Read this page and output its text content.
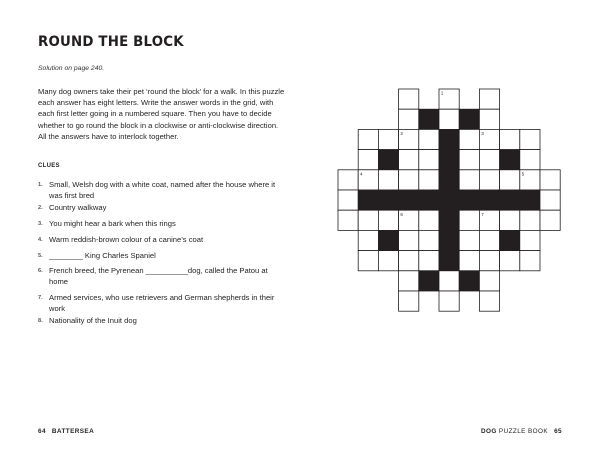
ROUND THE BLOCK
Solution on page 240.
Many dog owners take their pet ‘round the block’ for a walk. In this puzzle each answer has eight letters. Write the answer words in the grid, with each first letter going in a numbered square. Then you have to decide whether to go round the block in a clockwise or anti-clockwise direction. All the answers have to interlock together.
CLUES
1. Small, Welsh dog with a white coat, named after the house where it was first bred
2. Country walkway
3. You might hear a bark when this rings
4. Warm reddish-brown colour of a canine’s coat
5. ________ King Charles Spaniel
6. French breed, the Pyrenean __________dog, called the Patou at home
7. Armed services, who use retrievers and German shepherds in their work
8. Nationality of the Inuit dog
1
2	3
4	5
6	7
8
64 BATTERSEA	DOG PUZZLE BOOK 65
